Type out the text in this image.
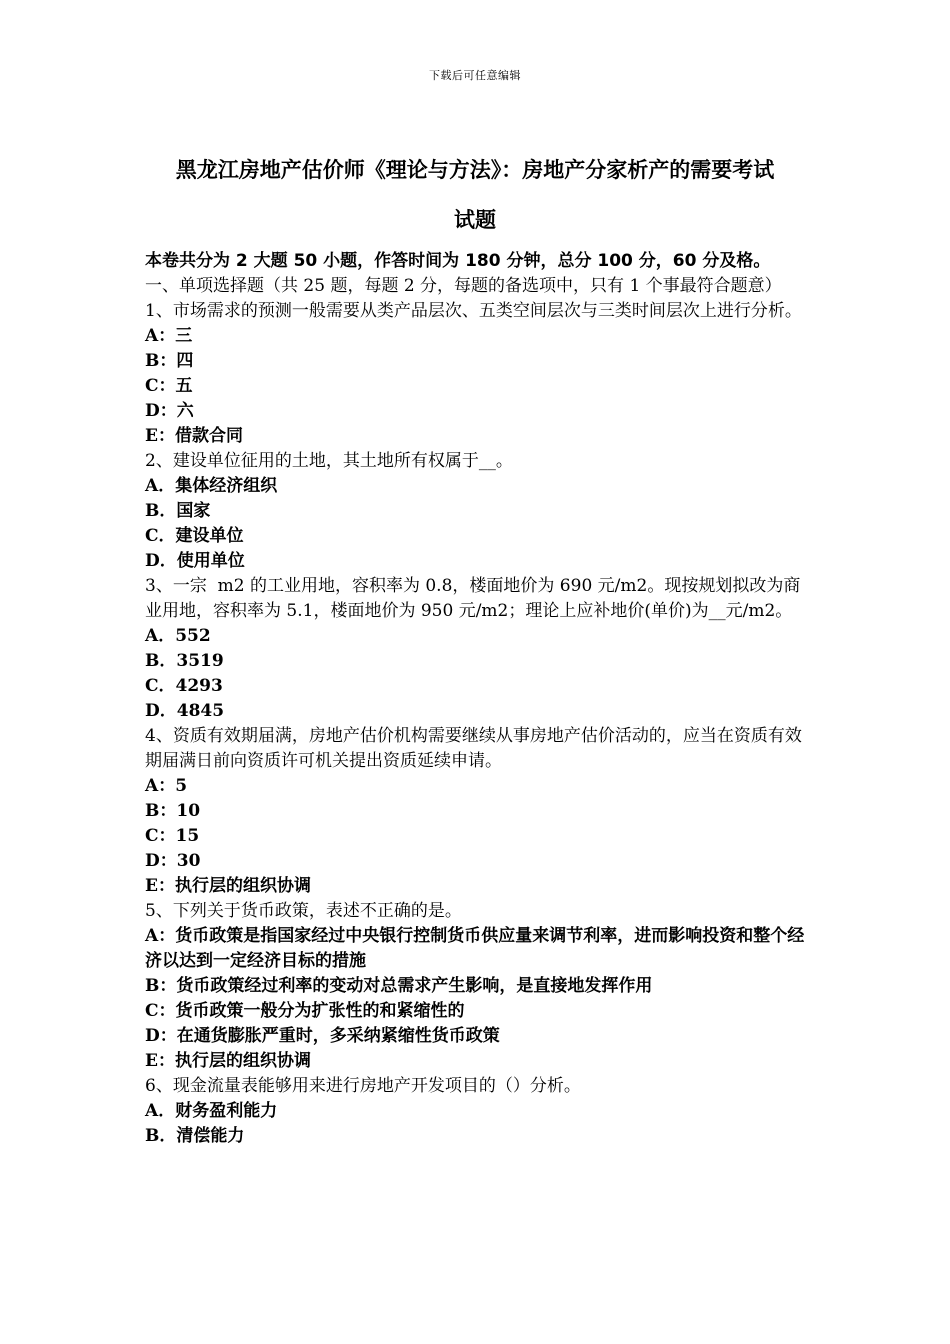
下载后可任意编辑
黑龙江房地产估价师《理论与方法》：房地产分家析产的需要考试
试题

本卷共分为 2 大题 50 小题，作答时间为 180 分钟，总分 100 分，60 分及格。

一、单项选择题（共 25 题，每题 2 分，每题的备选项中，只有 1 个事最符合题意）

1、市场需求的预测一般需要从类产品层次、五类空间层次与三类时间层次上进行分析。

A：三

B：四

C：五

D：六

E：借款合同

2、建设单位征用的土地，其土地所有权属于__。

A．集体经济组织

B．国家

C．建设单位

D．使用单位

3、一宗  m2 的工业用地，容积率为 0.8，楼面地价为 690 元/m2。现按规划拟改为商业用地，容积率为 5.1，楼面地价为 950 元/m2；理论上应补地价(单价)为__元/m2。

A．552

B．3519

C．4293

D．4845

4、资质有效期届满，房地产估价机构需要继续从事房地产估价活动的，应当在资质有效期届满日前向资质许可机关提出资质延续申请。

A：5

B：10

C：15

D：30

E：执行层的组织协调

5、下列关于货币政策，表述不正确的是。

A：货币政策是指国家经过中央银行控制货币供应量来调节利率，进而影响投资和整个经济以达到一定经济目标的措施

B：货币政策经过利率的变动对总需求产生影响，是直接地发挥作用

C：货币政策一般分为扩张性的和紧缩性的

D：在通货膨胀严重时，多采纳紧缩性货币政策

E：执行层的组织协调

6、现金流量表能够用来进行房地产开发项目的（）分析。

A．财务盈利能力

B．清偿能力
